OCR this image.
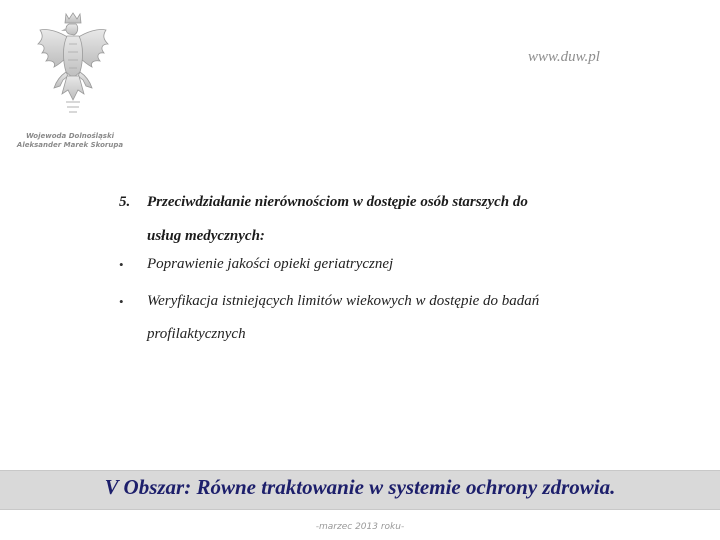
Wojewoda Dolnośląski
Aleksander Marek Skorupa
www.duw.pl
5. Przeciwdziałanie nierównościom w dostępie osób starszych do
usług medycznych:
• Poprawienie jakości opieki geriatrycznej
• Weryfikacja istniejących limitów wiekowych w dostępie do badań
profilaktycznych
V Obszar: Równe traktowanie w systemie ochrony zdrowia.
-marzec 2013 roku-
